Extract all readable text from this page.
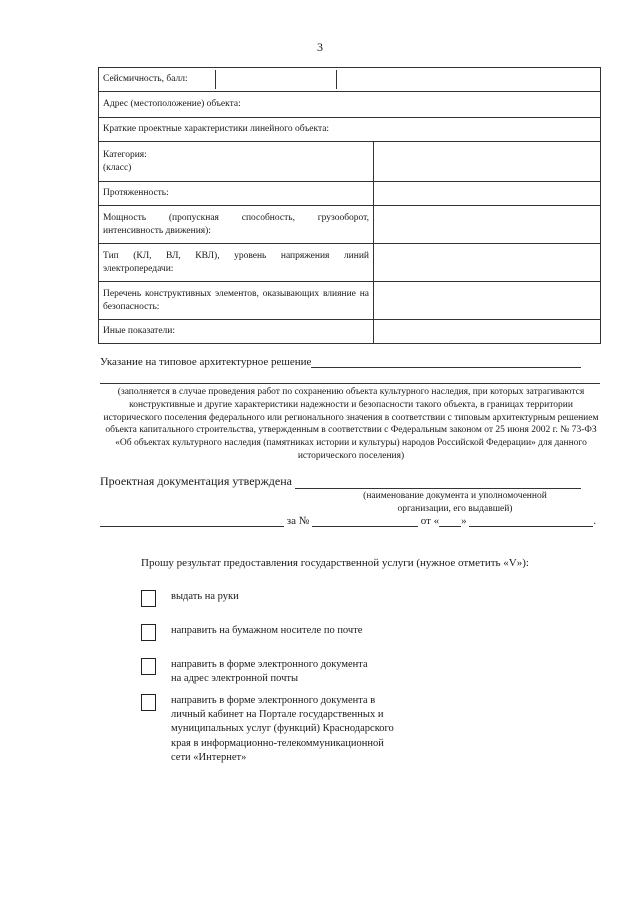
3
Сейсмичность, балл:		

Адрес (местоположение) объекта:
Краткие проектные характеристики линейного объекта:
Категория:
(класс)	
Протяженность:	
Мощность (пропускная способность, грузооборот, интенсивность движения):	
Тип (КЛ, ВЛ, КВЛ), уровень напряжения линий электропередачи:	
Перечень конструктивных элементов, оказывающих влияние на безопасность:	
Иные показатели:	
Указание на типовое архитектурное решение
(заполняется в случае проведения работ по сохранению объекта культурного наследия, при которых затрагиваются конструктивные и другие характеристики надежности и безопасности такого объекта, в границах территории исторического поселения федерального или регионального значения в соответствии с типовым архитектурным решением объекта капитального строительства, утвержденным в соответствии с Федеральным законом от 25 июня 2002 г. № 73-ФЗ «Об объектах культурного наследия (памятниках истории и культуры) народов Российской Федерации» для данного исторического поселения)
Проектная документация утверждена
(наименование документа и уполномоченной
организации, его выдавшей)
за №	от « »	.
Прошу результат предоставления государственной услуги (нужное отметить «V»):
выдать на руки
направить на бумажном носителе по почте
направить в форме электронного документа
на адрес электронной почты
направить в форме электронного документа в
личный кабинет на Портале государственных и
муниципальных услуг (функций) Краснодарского
края в информационно-телекоммуникационной
сети «Интернет»
